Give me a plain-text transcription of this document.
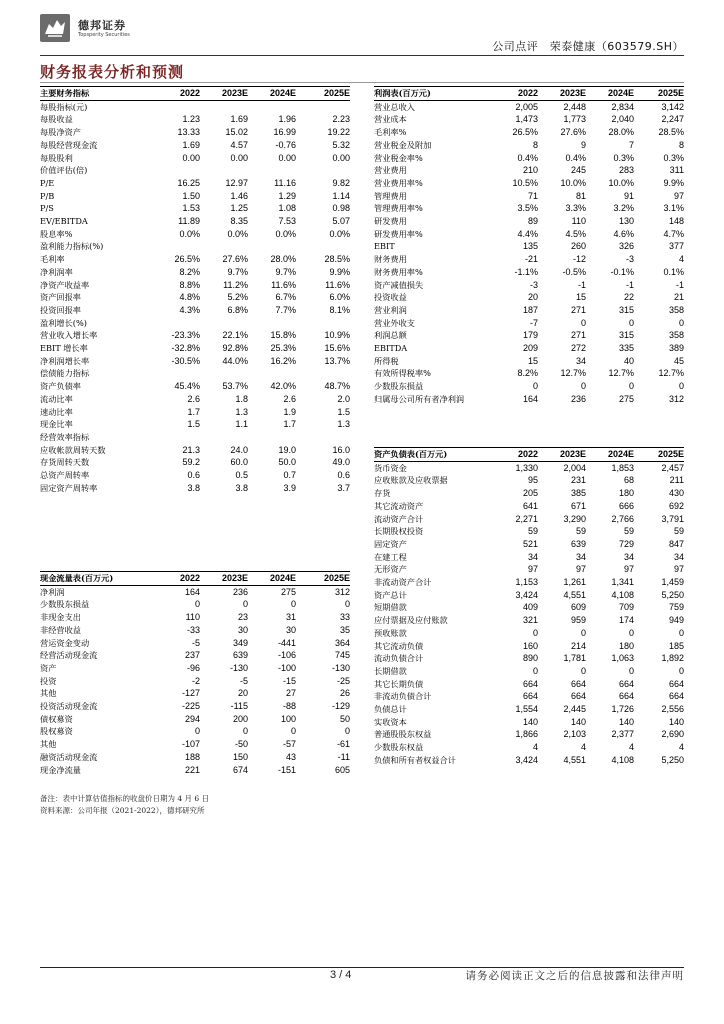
德邦证券
Topsperity Securities
公司点评　荣泰健康（603579.SH）
财务报表分析和预测
主要财务指标	2022	2023E	2024E	2025E
每股指标(元)				
每股收益	1.23	1.69	1.96	2.23
每股净资产	13.33	15.02	16.99	19.22
每股经营现金流	1.69	4.57	-0.76	5.32
每股股利	0.00	0.00	0.00	0.00
价值评估(倍)				
P/E	16.25	12.97	11.16	9.82
P/B	1.50	1.46	1.29	1.14
P/S	1.53	1.25	1.08	0.98
EV/EBITDA	11.89	8.35	7.53	5.07
股息率%	0.0%	0.0%	0.0%	0.0%
盈利能力指标(%)				
毛利率	26.5%	27.6%	28.0%	28.5%
净利润率	8.2%	9.7%	9.7%	9.9%
净资产收益率	8.8%	11.2%	11.6%	11.6%
资产回报率	4.8%	5.2%	6.7%	6.0%
投资回报率	4.3%	6.8%	7.7%	8.1%
盈利增长(%)				
营业收入增长率	-23.3%	22.1%	15.8%	10.9%
EBIT 增长率	-32.8%	92.8%	25.3%	15.6%
净利润增长率	-30.5%	44.0%	16.2%	13.7%
偿债能力指标				
资产负债率	45.4%	53.7%	42.0%	48.7%
流动比率	2.6	1.8	2.6	2.0
速动比率	1.7	1.3	1.9	1.5
现金比率	1.5	1.1	1.7	1.3
经营效率指标				
应收帐款周转天数	21.3	24.0	19.0	16.0
存货周转天数	59.2	60.0	50.0	49.0
总资产周转率	0.6	0.5	0.7	0.6
固定资产周转率	3.8	3.8	3.9	3.7
利润表(百万元)	2022	2023E	2024E	2025E
营业总收入	2,005	2,448	2,834	3,142
营业成本	1,473	1,773	2,040	2,247
毛利率%	26.5%	27.6%	28.0%	28.5%
营业税金及附加	8	9	7	8
营业税金率%	0.4%	0.4%	0.3%	0.3%
营业费用	210	245	283	311
营业费用率%	10.5%	10.0%	10.0%	9.9%
管理费用	71	81	91	97
管理费用率%	3.5%	3.3%	3.2%	3.1%
研发费用	89	110	130	148
研发费用率%	4.4%	4.5%	4.6%	4.7%
EBIT	135	260	326	377
财务费用	-21	-12	-3	4
财务费用率%	-1.1%	-0.5%	-0.1%	0.1%
资产减值损失	-3	-1	-1	-1
投资收益	20	15	22	21
营业利润	187	271	315	358
营业外收支	-7	0	0	0
利润总额	179	271	315	358
EBITDA	209	272	335	389
所得税	15	34	40	45
有效所得税率%	8.2%	12.7%	12.7%	12.7%
少数股东损益	0	0	0	0
归属母公司所有者净利润	164	236	275	312
资产负债表(百万元)	2022	2023E	2024E	2025E
货币资金	1,330	2,004	1,853	2,457
应收账款及应收票据	95	231	68	211
存货	205	385	180	430
其它流动资产	641	671	666	692
流动资产合计	2,271	3,290	2,766	3,791
长期股权投资	59	59	59	59
固定资产	521	639	729	847
在建工程	34	34	34	34
无形资产	97	97	97	97
非流动资产合计	1,153	1,261	1,341	1,459
资产总计	3,424	4,551	4,108	5,250
短期借款	409	609	709	759
应付票据及应付账款	321	959	174	949
预收账款	0	0	0	0
其它流动负债	160	214	180	185
流动负债合计	890	1,781	1,063	1,892
长期借款	0	0	0	0
其它长期负债	664	664	664	664
非流动负债合计	664	664	664	664
负债总计	1,554	2,445	1,726	2,556
实收资本	140	140	140	140
普通股股东权益	1,866	2,103	2,377	2,690
少数股东权益	4	4	4	4
负债和所有者权益合计	3,424	4,551	4,108	5,250
现金流量表(百万元)	2022	2023E	2024E	2025E
净利润	164	236	275	312
少数股东损益	0	0	0	0
非现金支出	110	23	31	33
非经营收益	-33	30	30	35
营运资金变动	-5	349	-441	364
经营活动现金流	237	639	-106	745
资产	-96	-130	-100	-130
投资	-2	-5	-15	-25
其他	-127	20	27	26
投资活动现金流	-225	-115	-88	-129
债权募资	294	200	100	50
股权募资	0	0	0	0
其他	-107	-50	-57	-61
融资活动现金流	188	150	43	-11
现金净流量	221	674	-151	605
备注：表中计算估值指标的收盘价日期为 4 月 6 日
资料来源：公司年报（2021-2022），德邦研究所
3 / 4	请务必阅读正文之后的信息披露和法律声明
